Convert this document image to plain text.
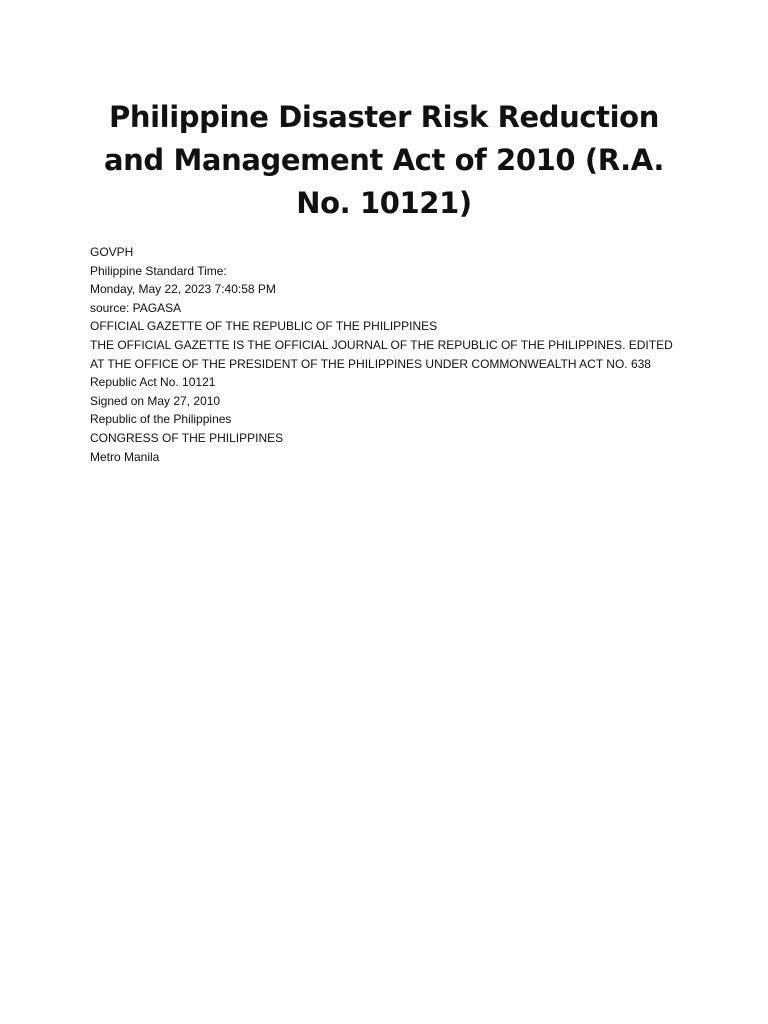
Philippine Disaster Risk Reduction and Management Act of 2010 (R.A. No. 10121)
GOVPH
Philippine Standard Time:
Monday, May 22, 2023 7:40:58 PM
source: PAGASA
OFFICIAL GAZETTE OF THE REPUBLIC OF THE PHILIPPINES
THE OFFICIAL GAZETTE IS THE OFFICIAL JOURNAL OF THE REPUBLIC OF THE PHILIPPINES. EDITED AT THE OFFICE OF THE PRESIDENT OF THE PHILIPPINES UNDER COMMONWEALTH ACT NO. 638
Republic Act No. 10121
Signed on May 27, 2010
Republic of the Philippines
CONGRESS OF THE PHILIPPINES
Metro Manila
